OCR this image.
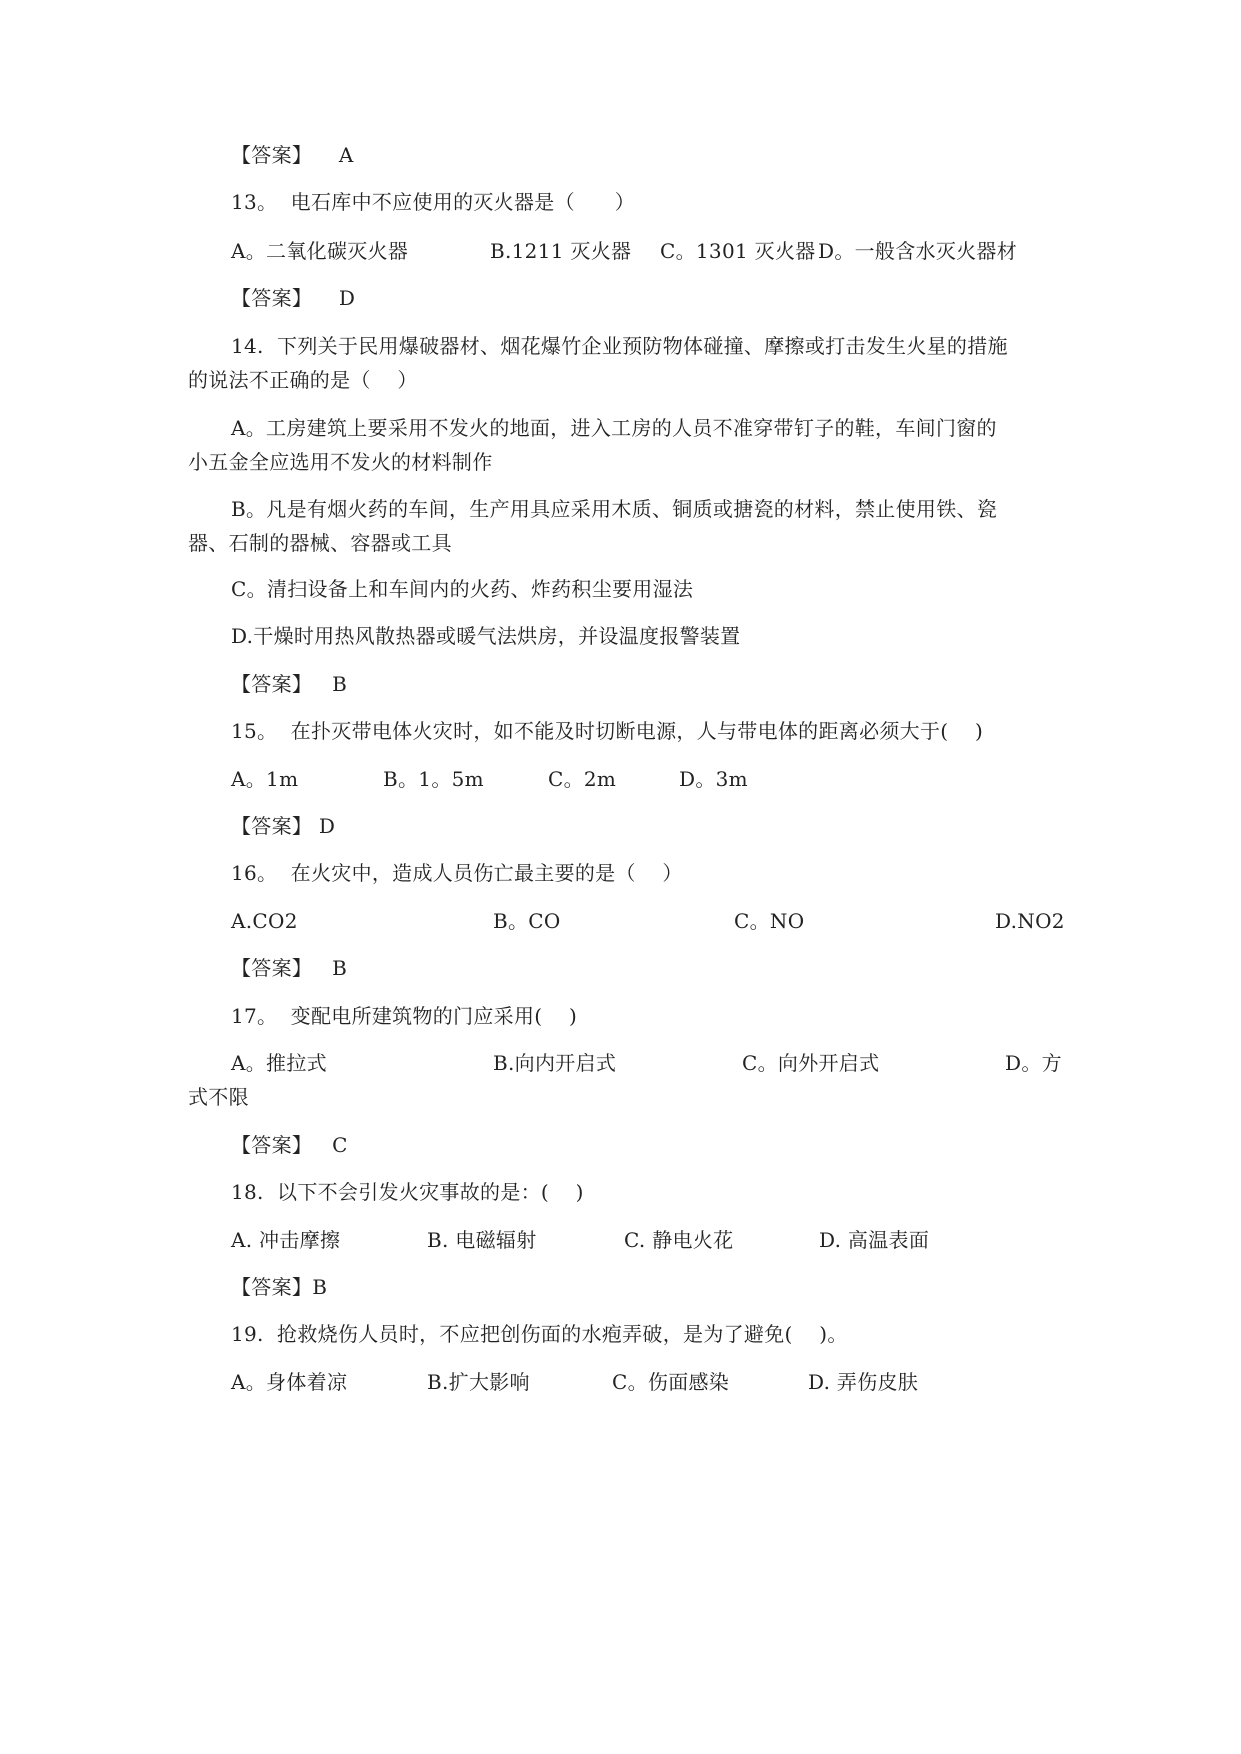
【答案】    A
13。  电石库中不应使用的灭火器是（      ）
A。二氧化碳灭火器	B.1211 灭火器 C。1301 灭火器 D。一般含水灭火器材
【答案】    D
14.  下列关于民用爆破器材、烟花爆竹企业预防物体碰撞、摩擦或打击发生火星的措施
的说法不正确的是（    ）
A。工房建筑上要采用不发火的地面，进入工房的人员不准穿带钉子的鞋，车间门窗的
小五金全应选用不发火的材料制作
B。凡是有烟火药的车间，生产用具应采用木质、铜质或搪瓷的材料，禁止使用铁、瓷
器、石制的器械、容器或工具
C。清扫设备上和车间内的火药、炸药积尘要用湿法
D.干燥时用热风散热器或暖气法烘房，并设温度报警装置
【答案】   B
15。  在扑灭带电体火灾时，如不能及时切断电源，人与带电体的距离必须大于(    )
A。1m	B。1。5m	C。2m	D。3m
【答案】 D
16。  在火灾中，造成人员伤亡最主要的是（    ）
A.CO2	B。CO	C。NO	D.NO2
【答案】   B
17。  变配电所建筑物的门应采用(    )
A。推拉式	B.向内开启式	C。向外开启式	D。方
式不限
【答案】   C
18.  以下不会引发火灾事故的是：(    )
A. 冲击摩擦	B. 电磁辐射	C. 静电火花	D. 高温表面
【答案】B
19.  抢救烧伤人员时，不应把创伤面的水疱弄破，是为了避免(    )。
A。身体着凉	B.扩大影响	C。伤面感染	D. 弄伤皮肤
